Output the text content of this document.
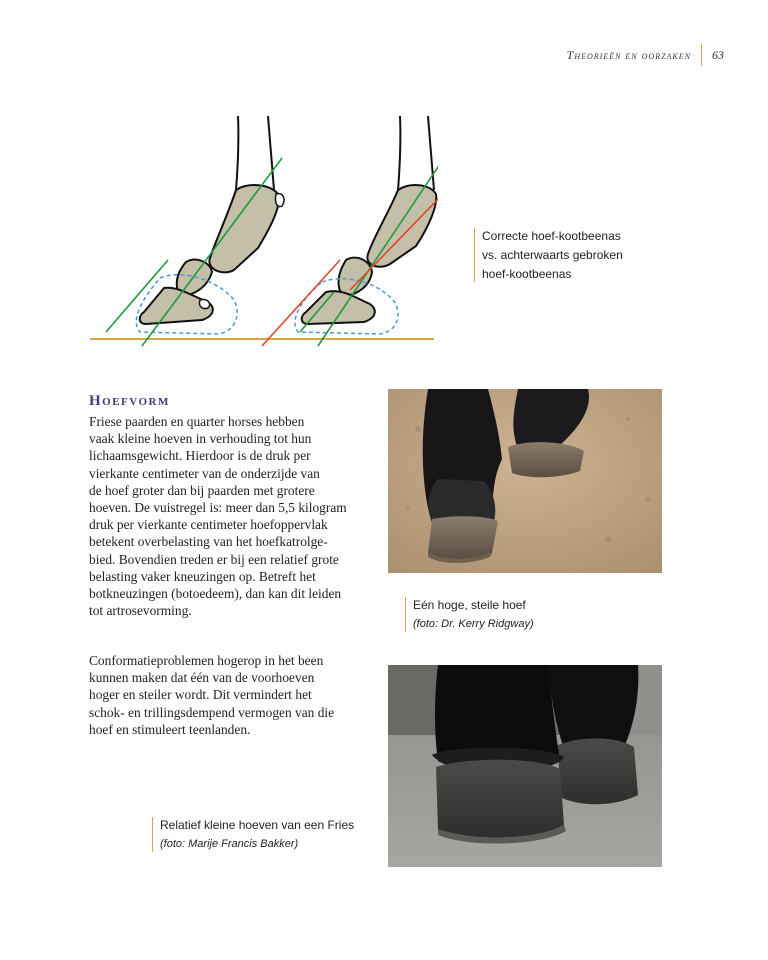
Theorieën en oorzaken	63
Correcte hoef-kootbeenas
vs. achterwaarts gebroken
hoef-kootbeenas
Hoefvorm
Friese paarden en quarter horses hebben
vaak kleine hoeven in verhouding tot hun
lichaamsgewicht. Hierdoor is de druk per
vierkante centimeter van de onderzijde van
de hoef groter dan bij paarden met grotere
hoeven. De vuistregel is: meer dan 5,5 kilogram
druk per vierkante centimeter hoefoppervlak
betekent overbelasting van het hoefkatrolge-
bied. Bovendien treden er bij een relatief grote
belasting vaker kneuzingen op. Betreft het
botkneuzingen (botoedeem), dan kan dit leiden
tot artrosevorming.
Conformatieproblemen hogerop in het been
kunnen maken dat één van de voorhoeven
hoger en steiler wordt. Dit vermindert het
schok- en trillingsdempend vermogen van die
hoef en stimuleert teenlanden.
Eén hoge, steile hoef
(foto: Dr. Kerry Ridgway)
Relatief kleine hoeven van een Fries
(foto: Marije Francis Bakker)
